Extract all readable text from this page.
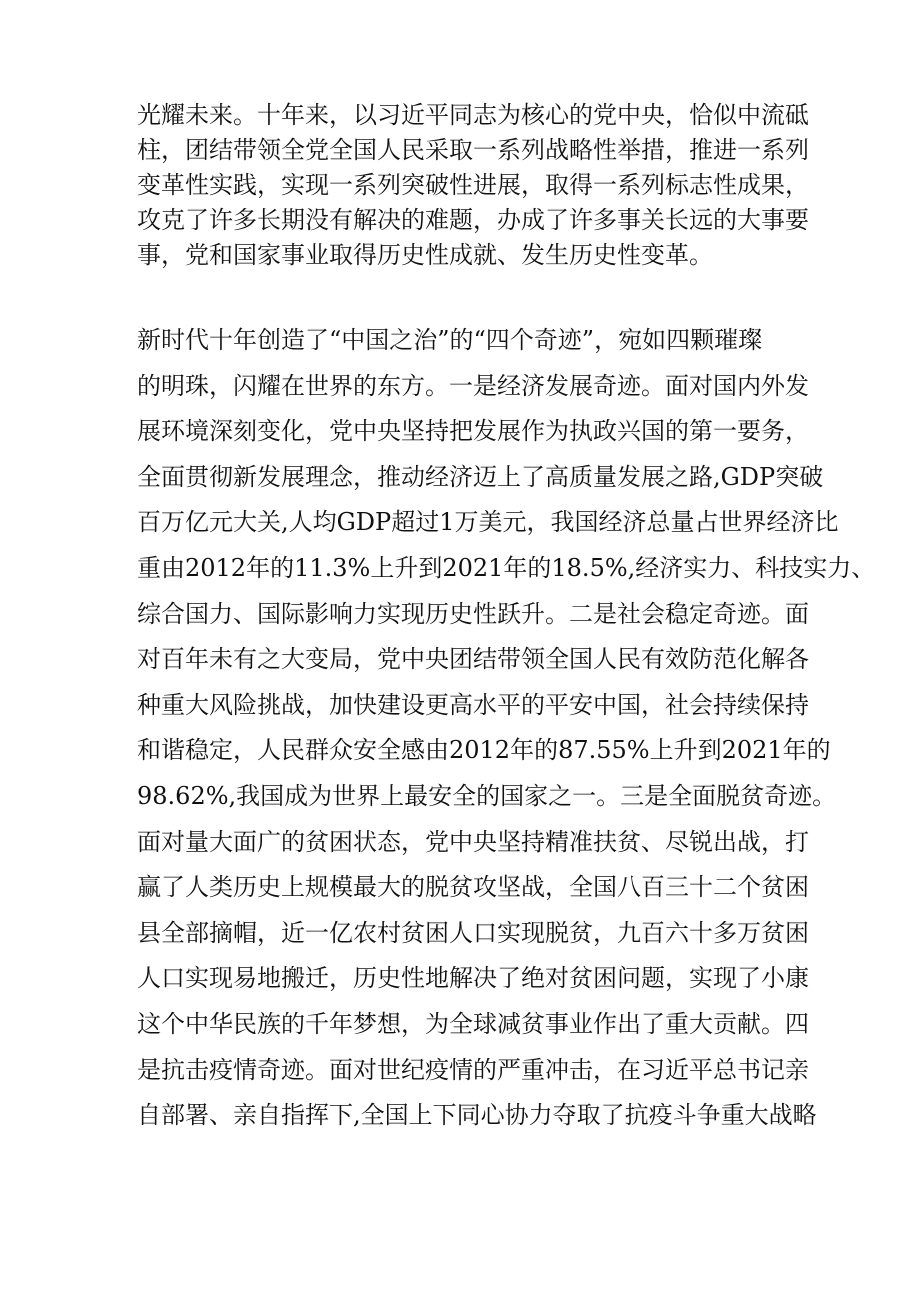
光耀未来。十年来，以习近平同志为核心的党中央，恰似中流砥
柱，团结带领全党全国人民采取一系列战略性举措，推进一系列
变革性实践，实现一系列突破性进展，取得一系列标志性成果，
攻克了许多长期没有解决的难题，办成了许多事关长远的大事要
事，党和国家事业取得历史性成就、发生历史性变革。
新时代十年创造了“中国之治”的“四个奇迹”，宛如四颗璀璨
的明珠，闪耀在世界的东方。一是经济发展奇迹。面对国内外发
展环境深刻变化，党中央坚持把发展作为执政兴国的第一要务，
全面贯彻新发展理念，推动经济迈上了高质量发展之路,GDP突破
百万亿元大关,人均GDP超过1万美元，我国经济总量占世界经济比
重由2012年的11.3%上升到2021年的18.5%,经济实力、科技实力、
综合国力、国际影响力实现历史性跃升。二是社会稳定奇迹。面
对百年未有之大变局，党中央团结带领全国人民有效防范化解各
种重大风险挑战，加快建设更高水平的平安中国，社会持续保持
和谐稳定，人民群众安全感由2012年的87.55%上升到2021年的
98.62%,我国成为世界上最安全的国家之一。三是全面脱贫奇迹。
面对量大面广的贫困状态，党中央坚持精准扶贫、尽锐出战，打
赢了人类历史上规模最大的脱贫攻坚战，全国八百三十二个贫困
县全部摘帽，近一亿农村贫困人口实现脱贫，九百六十多万贫困
人口实现易地搬迁，历史性地解决了绝对贫困问题，实现了小康
这个中华民族的千年梦想，为全球减贫事业作出了重大贡献。四
是抗击疫情奇迹。面对世纪疫情的严重冲击，在习近平总书记亲
自部署、亲自指挥下,全国上下同心协力夺取了抗疫斗争重大战略
